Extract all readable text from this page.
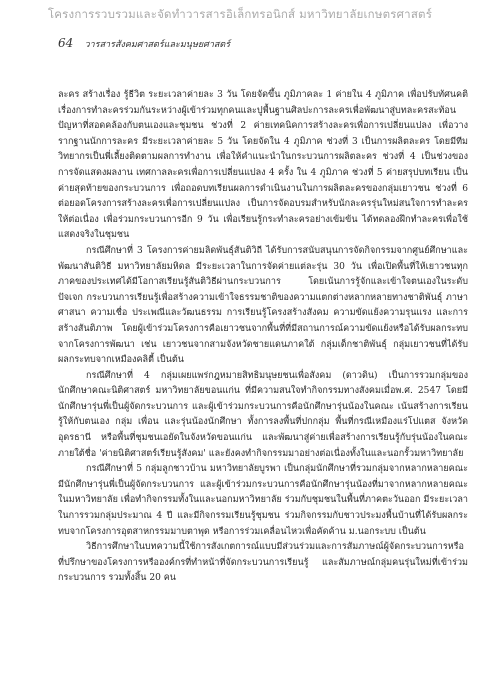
โครงการรวบรวมและจัดทำวารสารอิเล็กทรอนิกส์ มหาวิทยาลัยเกษตรศาสตร์
64 วารสารสังคมศาสตร์และมนุษยศาสตร์

ละคร สร้างเรื่อง รู้ธีวิต ระยะเวลาค่ายละ 3 วัน โดยจัดขึ้น ภูมิภาคละ 1 ค่ายใน 4 ภูมิภาค เพื่อปรับทัศนคติเรื่องการทำละครร่วมกันระหว่างผู้เข้าร่วมทุกคนและปูพื้นฐานศิลปะการละครเพื่อพัฒนาสู่บทละครสะท้อนปัญหาที่สอดคล้องกับตนเองและชุมชน ช่วงที่ 2 ค่ายเทคนิคการสร้างละครเพื่อการเปลี่ยนแปลง เพื่อวางรากฐานนักการละคร มีระยะเวลาค่ายละ 5 วัน โดยจัดใน 4 ภูมิภาค ช่วงที่ 3 เป็นการผลิตละคร โดยมีทีมวิทยากรเป็นพี่เลี้ยงติดตามผลการทำงาน เพื่อให้คำแนะนำในกระบวนการผลิตละคร ช่วงที่ 4 เป็นช่วงของการจัดแสดงผลงาน เทศกาลละครเพื่อการเปลี่ยนแปลง 4 ครั้ง ใน 4 ภูมิภาค ช่วงที่ 5 ค่ายสรุปบทเรียน เป็นค่ายสุดท้ายของกระบวนการ เพื่อถอดบทเรียนผลการดำเนินงานในการผลิตละครของกลุ่มเยาวชน ช่วงที่ 6 ต่อยอดโครงการสร้างละครเพื่อการเปลี่ยนแปลง เป็นการจัดอบรมสำหรับนักละครรุ่นใหม่สนใจการทำละครให้ต่อเนื่อง เพื่อร่วมกระบวนการอีก 9 วัน เพื่อเรียนรู้กระทำละครอย่างเข้มข้น ได้ทดลองฝึกทำละครเพื่อใช้แสดงจริงในชุมชน

กรณีศึกษาที่ 3 โครงการค่ายมลิดพันธุ์สันติวิถี ได้รับการสนับสนุนการจัดกิจกรรมจากศูนย์ศึกษาและพัฒนาสันติวิธี มหาวิทยาลัยมหิดล มีระยะเวลาในการจัดค่ายแต่ละรุ่น 30 วัน เพื่อเปิดพื้นที่ให้เยาวชนทุกภาคของประเทศได้มีโอกาสเรียนรู้สันติวิธีผ่านกระบวนการ โดยเน้นการรู้จักและเข้าใจตนเองในระดับปัจเจก กระบวนการเรียนรู้เพื่อสร้างความเข้าใจธรรมชาติของความแตกต่างหลากหลายทางชาติพันธุ์ ภาษา ศาสนา ความเชื่อ ประเพณีและวัฒนธรรม การเรียนรู้โครงสร้างสังคม ความขัดแย้งความรุนแรง และการสร้างสันติภาพ โดยผู้เข้าร่วมโครงการคือเยาวชนจากพื้นที่ที่มีสถานการณ์ความขัดแย้งหรือได้รับผลกระทบจากโครงการพัฒนา เช่น เยาวชนจากสามจังหวัดชายแดนภาคใต้ กลุ่มเด็กชาติพันธุ์ กลุ่มเยาวชนที่ได้รับผลกระทบจากเหมืองคลิตี้ เป็นต้น

กรณีศึกษาที่ 4 กลุ่มเผยแพร่กฎหมายสิทธิมนุษยชนเพื่อสังคม (ดาวดิน) เป็นการรวมกลุ่มของนักศึกษาคณะนิติศาสตร์ มหาวิทยาลัยขอนแก่น ที่มีความสนใจทำกิจกรรมทางสังคมเมื่อพ.ศ. 2547 โดยมีนักศึกษารุ่นพี่เป็นผู้จัดกระบวนการ และผู้เข้าร่วมกระบวนการคือนักศึกษารุ่นน้องในคณะ เน้นสร้างการเรียนรู้ให้กับตนเอง กลุ่ม เพื่อน และรุ่นน้องนักศึกษา ทั้งการลงพื้นที่ปกกลุ่ม พื้นที่กรณีเหมืองแร่โปแตส จังหวัดอุดรธานี หรือพื้นที่ชุมชนเอยัดในจังหวัดขอนแก่น และพัฒนาสู่ค่ายเพื่อสร้างการเรียนรู้กับรุ่นน้องในคณะภายใต้ชื่อ 'ค่ายนิติศาสตร์เรียนรู้สังคม' และยังคงทำกิจกรรมมาอย่างต่อเนื่องทั้งในและนอกรั้วมหาวิทยาลัย

กรณีศึกษาที่ 5 กลุ่มลูกชาวบ้าน มหาวิทยาลัยบูรพา เป็นกลุ่มนักศึกษาที่รวมกลุ่มจากหลากหลายคณะ มีนักศึกษารุ่นพี่เป็นผู้จัดกระบวนการ และผู้เข้าร่วมกระบวนการคือนักศึกษารุ่นน้องที่มาจากหลากหลายคณะในมหาวิทยาลัย เพื่อทำกิจกรรมทั้งในและนอกมหาวิทยาลัย ร่วมกับชุมชนในพื้นที่ภาคตะวันออก มีระยะเวลาในการรวมกลุ่มประมาณ 4 ปี และมีกิจกรรมเรียนรู้ชุมชน ร่วมกิจกรรมกับชาวประมงพื้นบ้านที่ได้รับผลกระทบจากโครงการอุตสาหกรรมมาบตาพุด หรือการร่วมเคลื่อนไหวเพื่อคัดค้าน ม.นอกระบบ เป็นต้น

วิธีการศึกษาในบทความนี้ใช้การสังเกตการณ์แบบมีส่วนร่วมและการสัมภาษณ์ผู้จัดกระบวนการหรือที่ปรึกษาของโครงการหรือองค์กรที่ทำหน้าที่จัดกระบวนการเรียนรู้ และสัมภาษณ์กลุ่มคนรุ่นใหม่ที่เข้าร่วมกระบวนการ รวมทั้งสิ้น 20 คน
